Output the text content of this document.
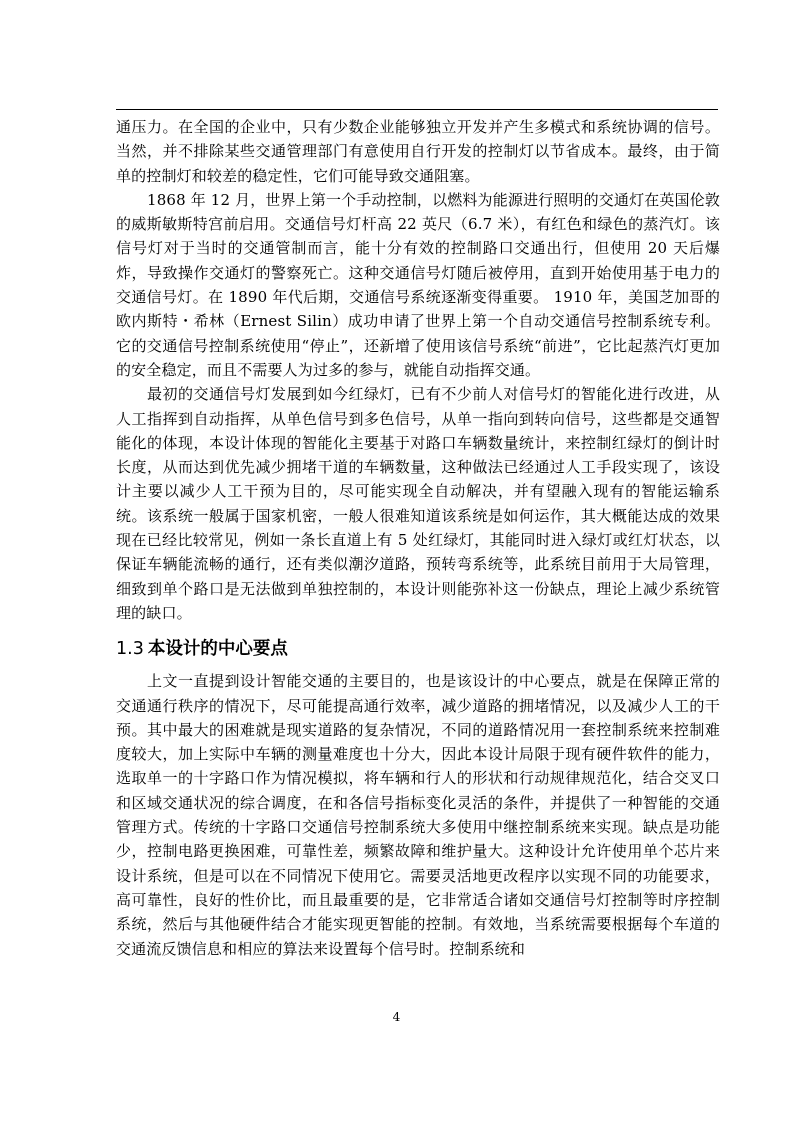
通压力。在全国的企业中，只有少数企业能够独立开发并产生多模式和系统协调的信号。当然，并不排除某些交通管理部门有意使用自行开发的控制灯以节省成本。最终，由于简单的控制灯和较差的稳定性，它们可能导致交通阻塞。

1868 年 12 月，世界上第一个手动控制，以燃料为能源进行照明的交通灯在英国伦敦的威斯敏斯特宫前启用。交通信号灯杆高 22 英尺（6.7 米），有红色和绿色的蒸汽灯。该信号灯对于当时的交通管制而言，能十分有效的控制路口交通出行，但使用 20 天后爆炸，导致操作交通灯的警察死亡。这种交通信号灯随后被停用，直到开始使用基于电力的交通信号灯。在 1890 年代后期，交通信号系统逐渐变得重要。 1910 年，美国芝加哥的欧内斯特・希林（Ernest Silin）成功申请了世界上第一个自动交通信号控制系统专利。它的交通信号控制系统使用“停止”，还新增了使用该信号系统“前进”，它比起蒸汽灯更加的安全稳定，而且不需要人为过多的参与，就能自动指挥交通。

最初的交通信号灯发展到如今红绿灯，已有不少前人对信号灯的智能化进行改进，从人工指挥到自动指挥，从单色信号到多色信号，从单一指向到转向信号，这些都是交通智能化的体现，本设计体现的智能化主要基于对路口车辆数量统计，来控制红绿灯的倒计时长度，从而达到优先减少拥堵干道的车辆数量，这种做法已经通过人工手段实现了，该设计主要以减少人工干预为目的，尽可能实现全自动解决，并有望融入现有的智能运输系统。该系统一般属于国家机密，一般人很难知道该系统是如何运作，其大概能达成的效果现在已经比较常见，例如一条长直道上有 5 处红绿灯，其能同时进入绿灯或红灯状态，以保证车辆能流畅的通行，还有类似潮汐道路，预转弯系统等，此系统目前用于大局管理，细致到单个路口是无法做到单独控制的，本设计则能弥补这一份缺点，理论上减少系统管理的缺口。

1.3 本设计的中心要点

上文一直提到设计智能交通的主要目的，也是该设计的中心要点，就是在保障正常的交通通行秩序的情况下，尽可能提高通行效率，减少道路的拥堵情况，以及减少人工的干预。其中最大的困难就是现实道路的复杂情况，不同的道路情况用一套控制系统来控制难度较大，加上实际中车辆的测量难度也十分大，因此本设计局限于现有硬件软件的能力，选取单一的十字路口作为情况模拟，将车辆和行人的形状和行动规律规范化，结合交叉口和区域交通状况的综合调度，在和各信号指标变化灵活的条件，并提供了一种智能的交通管理方式。传统的十字路口交通信号控制系统大多使用中继控制系统来实现。缺点是功能少，控制电路更换困难，可靠性差，频繁故障和维护量大。这种设计允许使用单个芯片来设计系统，但是可以在不同情况下使用它。需要灵活地更改程序以实现不同的功能要求，高可靠性，良好的性价比，而且最重要的是，它非常适合诸如交通信号灯控制等时序控制系统，然后与其他硬件结合才能实现更智能的控制。有效地，当系统需要根据每个车道的交通流反馈信息和相应的算法来设置每个信号时。控制系统和

4
